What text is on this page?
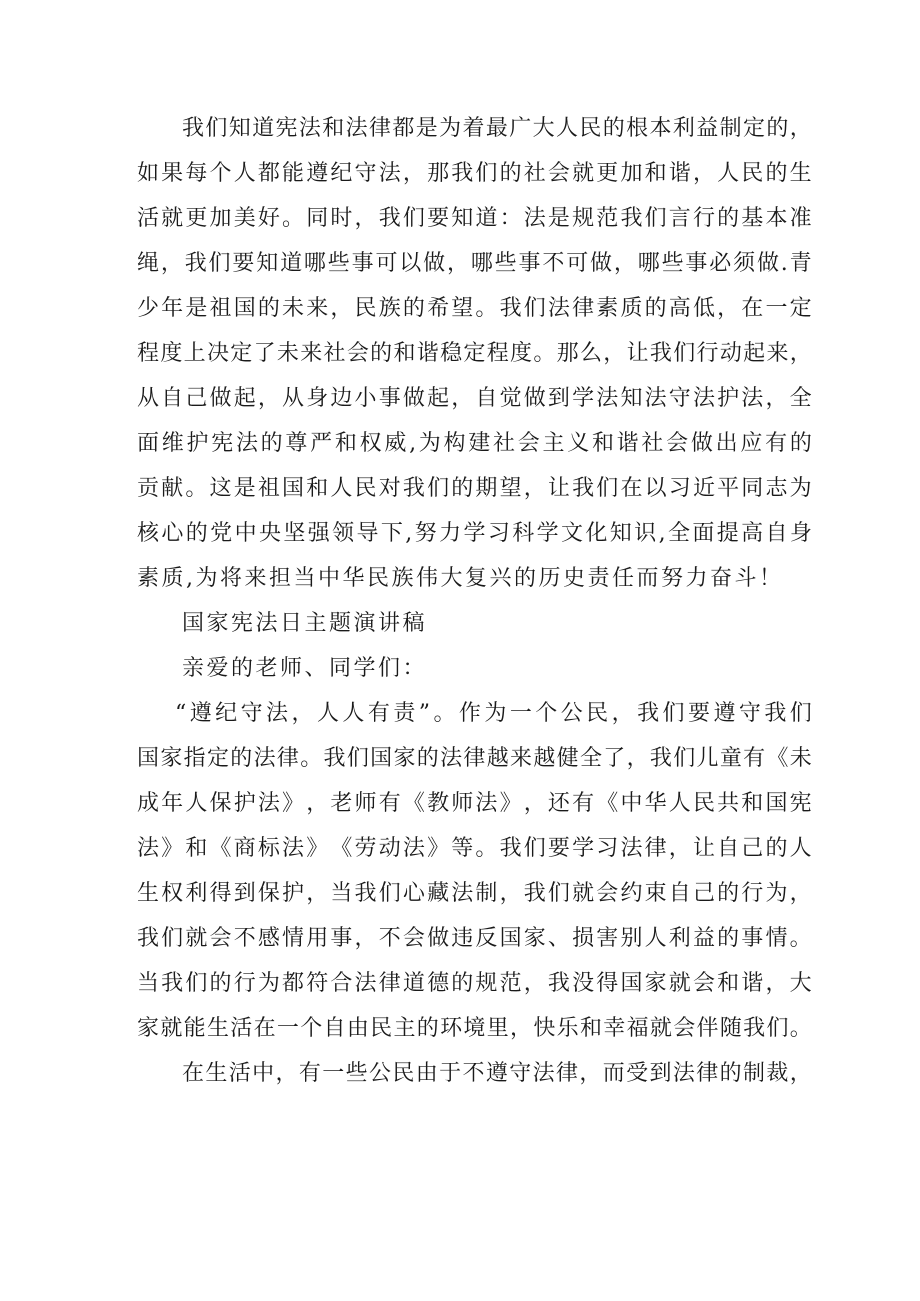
我 们 知 道 宪 法 和 法 律 都 是 为 着 最 广 大 人 民 的 根 本 利 益 制 定 的 ，
如 果 每 个 人 都 能 遵 纪 守 法 ， 那 我 们 的 社 会 就 更 加 和 谐 ， 人 民 的 生
活 就 更 加 美 好 。 同 时 ， 我 们 要 知 道 ： 法 是 规 范 我 们 言 行 的 基 本 准
绳 ， 我 们 要 知 道 哪 些 事 可 以 做 ， 哪 些 事 不 可 做 ， 哪 些 事 必 须 做 . 青
少 年 是 祖 国 的 未 来 ， 民 族 的 希 望 。 我 们 法 律 素 质 的 高 低 ， 在 一 定
程 度 上 决 定 了 未 来 社 会 的 和 谐 稳 定 程 度 。 那 么 ， 让 我 们 行 动 起 来 ，
从 自 己 做 起 ， 从 身 边 小 事 做 起 ， 自 觉 做 到 学 法 知 法 守 法 护 法 ， 全
面 维 护 宪 法 的 尊 严 和 权 威 , 为 构 建 社 会 主 义 和 谐 社 会 做 出 应 有 的
贡 献 。 这 是 祖 国 和 人 民 对 我 们 的 期 望 ， 让 我 们 在 以 习 近 平 同 志 为
核 心 的 党 中 央 坚 强 领 导 下 , 努 力 学 习 科 学 文 化 知 识 , 全 面 提 高 自 身
素质,为将来担当中华民族伟大复兴的历史责任而努力奋斗！
国家宪法日主题演讲稿
亲爱的老师、同学们：
“ 遵 纪 守 法 ， 人 人 有 责 ” 。 作 为 一 个 公 民 ， 我 们 要 遵 守 我 们
国 家 指 定 的 法 律 。 我 们 国 家 的 法 律 越 来 越 健 全 了 ， 我 们 儿 童 有 《 未
成 年 人 保 护 法 》 ， 老 师 有 《 教 师 法 》 ， 还 有 《 中 华 人 民 共 和 国 宪
法 》 和 《 商 标 法 》 《 劳 动 法 》 等 。 我 们 要 学 习 法 律 ， 让 自 己 的 人
生 权 利 得 到 保 护 ， 当 我 们 心 藏 法 制 ， 我 们 就 会 约 束 自 己 的 行 为 ，
我 们 就 会 不 感 情 用 事 ， 不 会 做 违 反 国 家 、 损 害 别 人 利 益 的 事 情 。
当 我 们 的 行 为 都 符 合 法 律 道 德 的 规 范 ， 我 没 得 国 家 就 会 和 谐 ， 大
家 就 能 生 活 在 一 个 自 由 民 主 的 环 境 里 ， 快 乐 和 幸 福 就 会 伴 随 我 们 。
在 生 活 中 ， 有 一 些 公 民 由 于 不 遵 守 法 律 ， 而 受 到 法 律 的 制 裁 ，
